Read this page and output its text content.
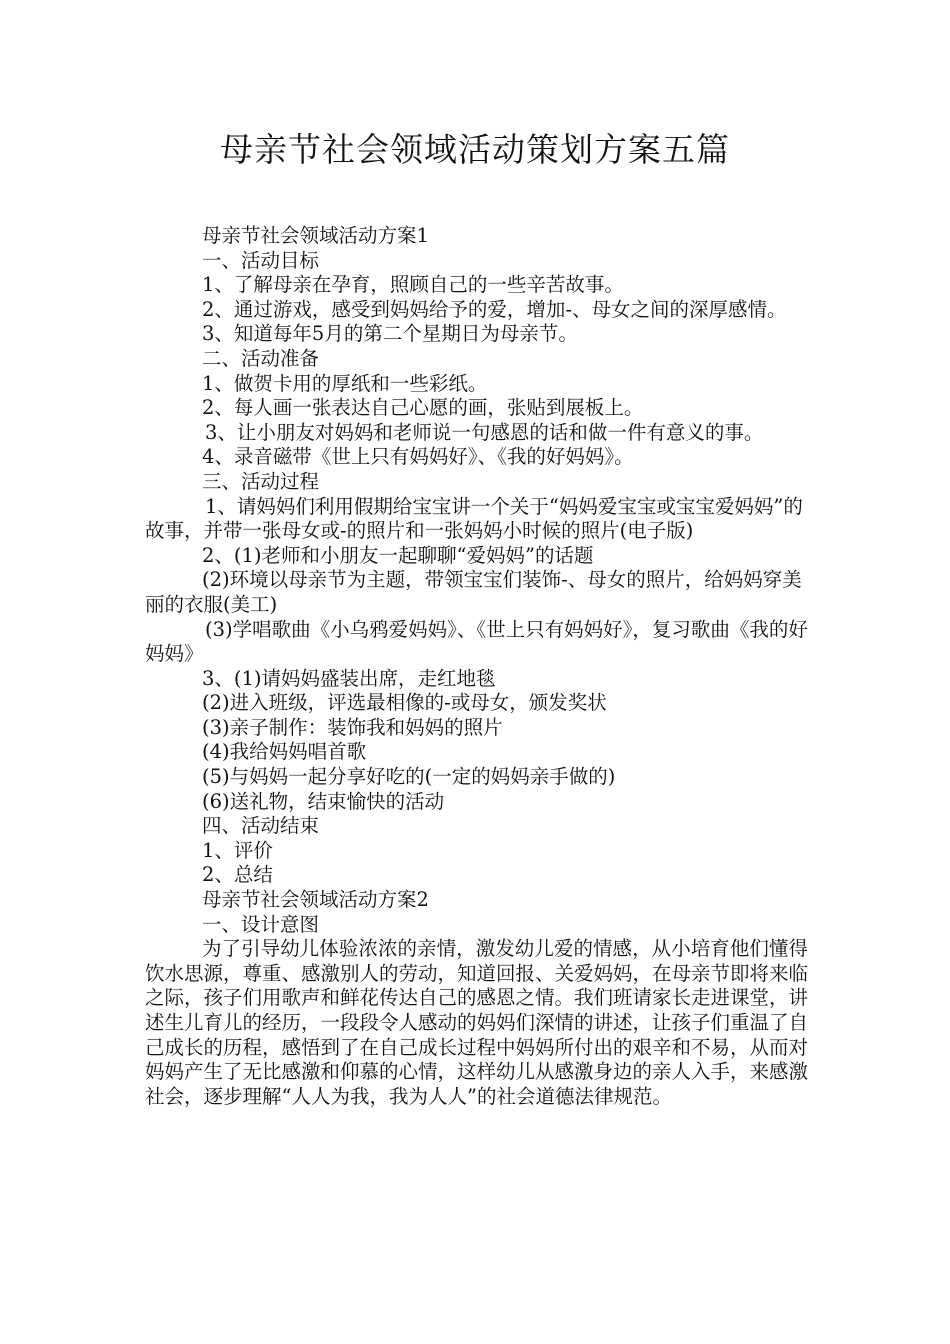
母亲节社会领域活动策划方案五篇

母亲节社会领域活动方案1

一、活动目标

1、了解母亲在孕育，照顾自己的一些辛苦故事。

2、通过游戏，感受到妈妈给予的爱，增加-、母女之间的深厚感情。

3、知道每年5月的第二个星期日为母亲节。

二、活动准备

1、做贺卡用的厚纸和一些彩纸。

2、每人画一张表达自己心愿的画，张贴到展板上。

3、让小朋友对妈妈和老师说一句感恩的话和做一件有意义的事。

4、录音磁带《世上只有妈妈好》、《我的好妈妈》。

三、活动过程

1、请妈妈们利用假期给宝宝讲一个关于“妈妈爱宝宝或宝宝爱妈妈”的故事，并带一张母女或-的照片和一张妈妈小时候的照片(电子版)

2、(1)老师和小朋友一起聊聊“爱妈妈”的话题

(2)环境以母亲节为主题，带领宝宝们装饰-、母女的照片，给妈妈穿美丽的衣服(美工)

(3)学唱歌曲《小乌鸦爱妈妈》、《世上只有妈妈好》，复习歌曲《我的好妈妈》

3、(1)请妈妈盛装出席，走红地毯

(2)进入班级，评选最相像的-或母女，颁发奖状

(3)亲子制作：装饰我和妈妈的照片

(4)我给妈妈唱首歌

(5)与妈妈一起分享好吃的(一定的妈妈亲手做的)

(6)送礼物，结束愉快的活动

四、活动结束

1、评价

2、总结

母亲节社会领域活动方案2

一、设计意图

为了引导幼儿体验浓浓的亲情，激发幼儿爱的情感，从小培育他们懂得饮水思源，尊重、感激别人的劳动，知道回报、关爱妈妈，在母亲节即将来临之际，孩子们用歌声和鲜花传达自己的感恩之情。我们班请家长走进课堂，讲述生儿育儿的经历，一段段令人感动的妈妈们深情的讲述，让孩子们重温了自己成长的历程，感悟到了在自己成长过程中妈妈所付出的艰辛和不易，从而对妈妈产生了无比感激和仰慕的心情，这样幼儿从感激身边的亲人入手，来感激社会，逐步理解“人人为我，我为人人”的社会道德法律规范。
